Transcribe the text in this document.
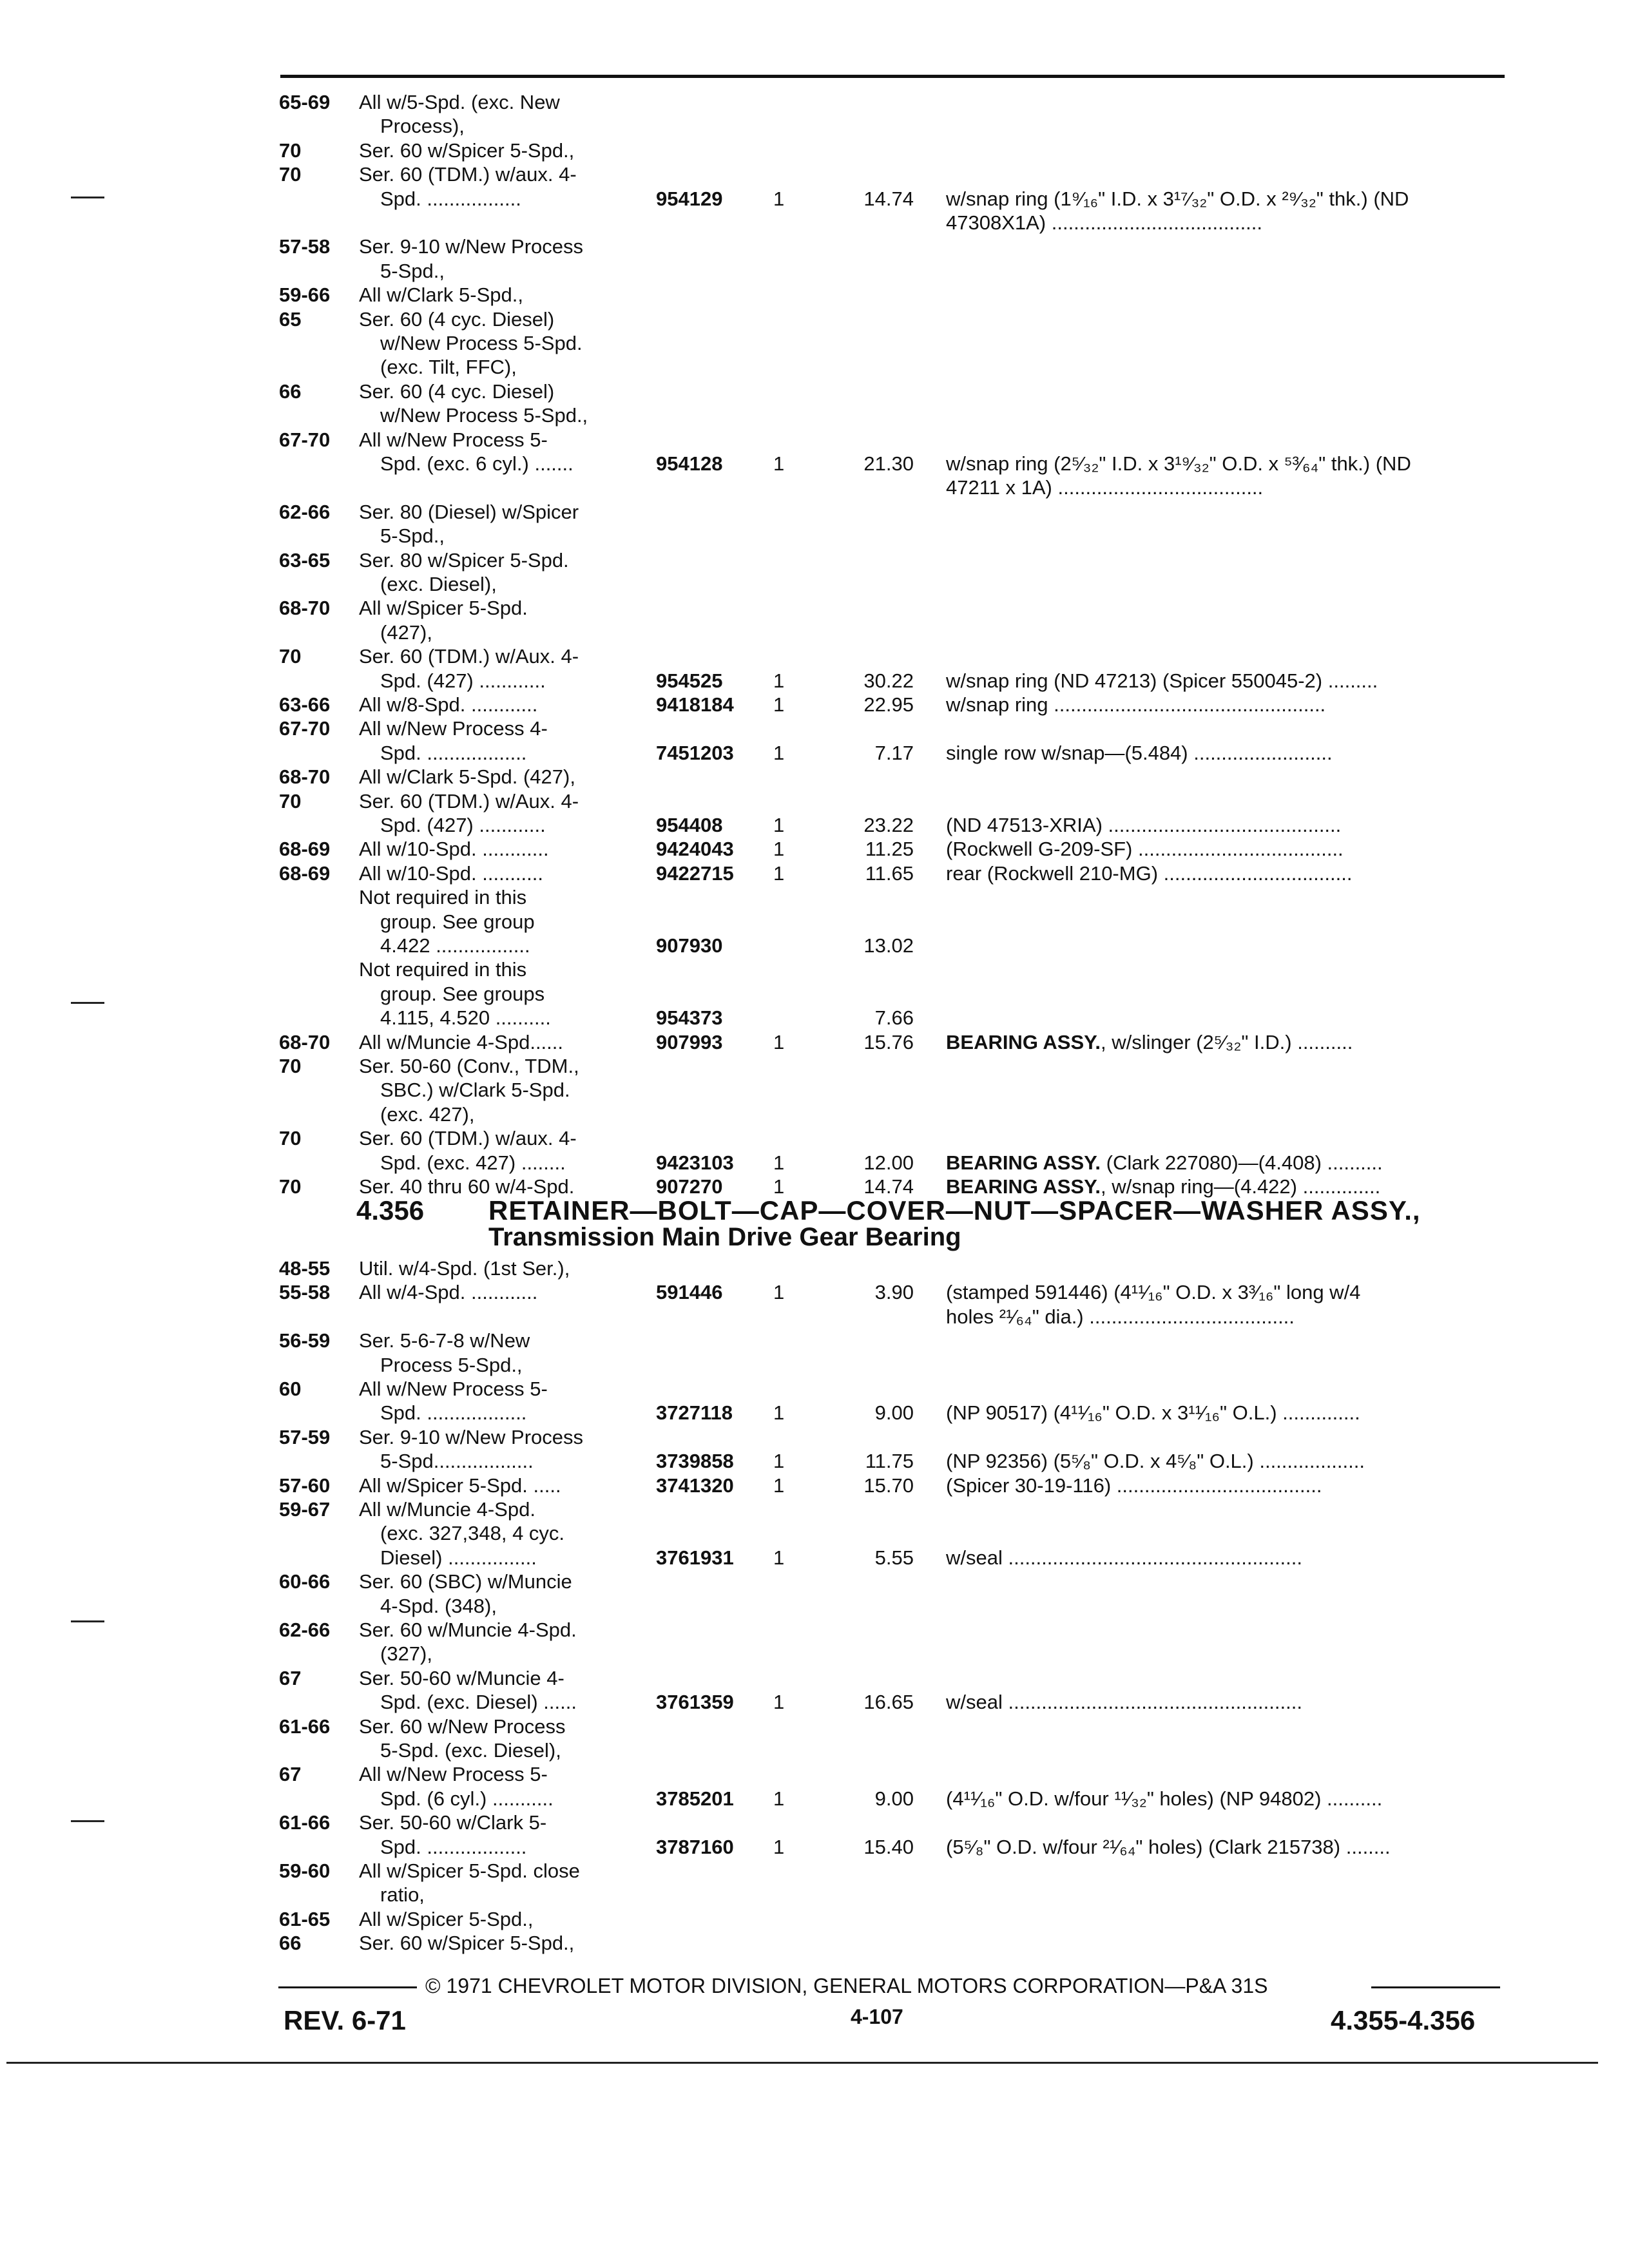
65-69 All w/5-Spd. (exc. New
Process),
70	Ser. 60 w/Spicer 5-Spd.,
70	Ser. 60 (TDM.) w/aux. 4-
Spd. .................	954129	1	14.74 w/snap ring (1⁹⁄₁₆" I.D. x 3¹⁷⁄₃₂" O.D. x ²⁹⁄₃₂" thk.) (ND
47308X1A) ......................................
57-58 Ser. 9-10 w/New Process
5-Spd.,
59-66 All w/Clark 5-Spd.,
65	Ser. 60 (4 cyc. Diesel)
w/New Process 5-Spd.
(exc. Tilt, FFC),
66	Ser. 60 (4 cyc. Diesel)
w/New Process 5-Spd.,
67-70 All w/New Process 5-
Spd. (exc. 6 cyl.) .......	954128	1	21.30 w/snap ring (2⁵⁄₃₂" I.D. x 3¹⁹⁄₃₂" O.D. x ⁵³⁄₆₄" thk.) (ND
47211 x 1A) .....................................
62-66 Ser. 80 (Diesel) w/Spicer
5-Spd.,
63-65 Ser. 80 w/Spicer 5-Spd.
(exc. Diesel),
68-70 All w/Spicer 5-Spd.
(427),
70	Ser. 60 (TDM.) w/Aux. 4-
Spd. (427) ............	954525	1	30.22 w/snap ring (ND 47213) (Spicer 550045-2) .........
63-66 All w/8-Spd. ............	9418184 1	22.95 w/snap ring .................................................
67-70 All w/New Process 4-
Spd. ..................	7451203 1	7.17 single row w/snap—(5.484) .........................
68-70 All w/Clark 5-Spd. (427),
70	Ser. 60 (TDM.) w/Aux. 4-
Spd. (427) ............	954408	1	23.22 (ND 47513-XRIA) ..........................................
68-69 All w/10-Spd. ............	9424043 1	11.25 (Rockwell G-209-SF) .....................................
68-69 All w/10-Spd. ...........	9422715 1	11.65 rear (Rockwell 210-MG) ..................................
Not required in this
group. See group
4.422 .................	907930	13.02
Not required in this
group. See groups
4.115, 4.520 ..........	954373	7.66
68-70 All w/Muncie 4-Spd......	907993	1	15.76 BEARING ASSY., w/slinger (2⁵⁄₃₂" I.D.) ..........
70	Ser. 50-60 (Conv., TDM.,
SBC.) w/Clark 5-Spd.
(exc. 427),
70	Ser. 60 (TDM.) w/aux. 4-
Spd. (exc. 427) ........	9423103 1	12.00 BEARING ASSY. (Clark 227080)—(4.408) ..........
70	Ser. 40 thru 60 w/4-Spd.	907270	1	14.74 BEARING ASSY., w/snap ring—(4.422) ..............
4.356 RETAINER—BOLT—CAP—COVER—NUT—SPACER—WASHER ASSY.,
Transmission Main Drive Gear Bearing
48-55 Util. w/4-Spd. (1st Ser.),
55-58 All w/4-Spd. ............	591446	1	3.90 (stamped 591446) (4¹¹⁄₁₆" O.D. x 3³⁄₁₆" long w/4
holes ²¹⁄₆₄" dia.) .....................................
56-59 Ser. 5-6-7-8 w/New
Process 5-Spd.,
60	All w/New Process 5-
Spd. ..................	3727118 1	9.00 (NP 90517) (4¹¹⁄₁₆" O.D. x 3¹¹⁄₁₆" O.L.) ..............
57-59 Ser. 9-10 w/New Process
5-Spd..................	3739858 1	11.75 (NP 92356) (5⁵⁄₈" O.D. x 4⁵⁄₈" O.L.) ...................
57-60 All w/Spicer 5-Spd. .....	3741320 1	15.70 (Spicer 30-19-116) .....................................
59-67 All w/Muncie 4-Spd.
(exc. 327,348, 4 cyc.
Diesel) ................	3761931 1	5.55 w/seal .....................................................
60-66 Ser. 60 (SBC) w/Muncie
4-Spd. (348),
62-66 Ser. 60 w/Muncie 4-Spd.
(327),
67	Ser. 50-60 w/Muncie 4-
Spd. (exc. Diesel) ......	3761359 1	16.65 w/seal .....................................................
61-66 Ser. 60 w/New Process
5-Spd. (exc. Diesel),
67	All w/New Process 5-
Spd. (6 cyl.) ...........	3785201 1	9.00 (4¹¹⁄₁₆" O.D. w/four ¹¹⁄₃₂" holes) (NP 94802) ..........
61-66 Ser. 50-60 w/Clark 5-
Spd. ..................	3787160 1	15.40 (5⁵⁄₈" O.D. w/four ²¹⁄₆₄" holes) (Clark 215738) ........
59-60 All w/Spicer 5-Spd. close
ratio,
61-65 All w/Spicer 5-Spd.,
66	Ser. 60 w/Spicer 5-Spd.,
© 1971 CHEVROLET MOTOR DIVISION, GENERAL MOTORS CORPORATION—P&A 31S
REV. 6-71	4-107	4.355-4.356
